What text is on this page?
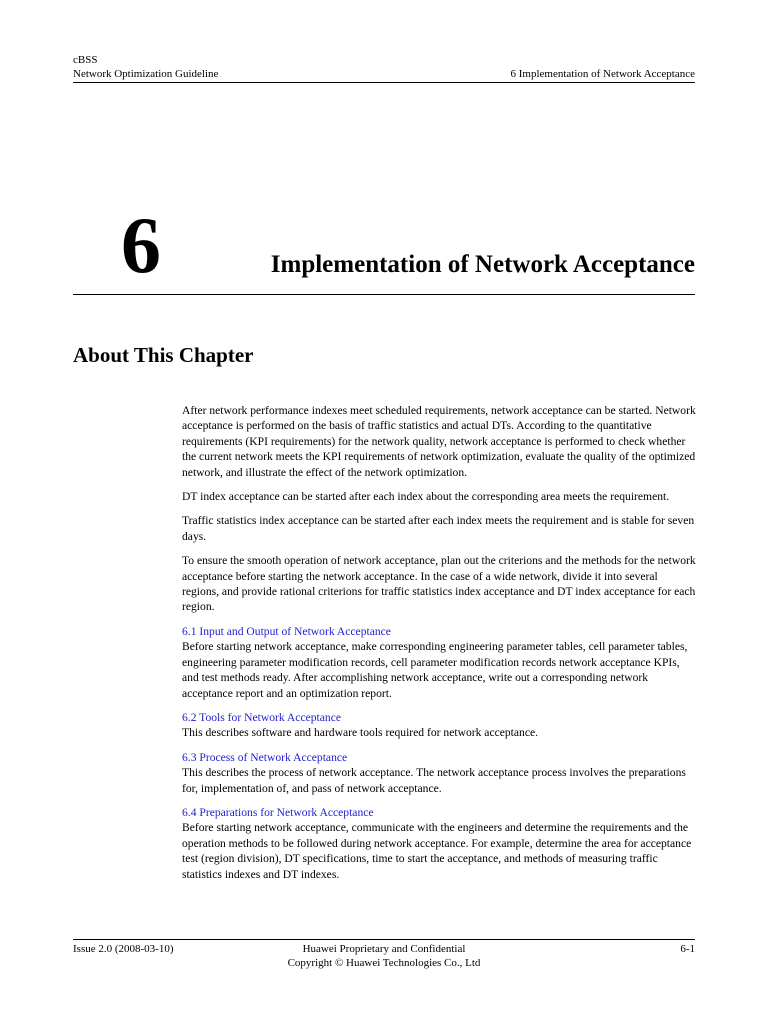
cBSS
Network Optimization Guideline	6 Implementation of Network Acceptance
6	Implementation of Network Acceptance
About This Chapter

After network performance indexes meet scheduled requirements, network acceptance can be started. Network acceptance is performed on the basis of traffic statistics and actual DTs. According to the quantitative requirements (KPI requirements) for the network quality, network acceptance is performed to check whether the current network meets the KPI requirements of network optimization, evaluate the quality of the optimized network, and illustrate the effect of the network optimization.

DT index acceptance can be started after each index about the corresponding area meets the requirement.

Traffic statistics index acceptance can be started after each index meets the requirement and is stable for seven days.

To ensure the smooth operation of network acceptance, plan out the criterions and the methods for the network acceptance before starting the network acceptance. In the case of a wide network, divide it into several regions, and provide rational criterions for traffic statistics index acceptance and DT index acceptance for each region.

6.1 Input and Output of Network Acceptance
Before starting network acceptance, make corresponding engineering parameter tables, cell parameter tables, engineering parameter modification records, cell parameter modification records network acceptance KPIs, and test methods ready. After accomplishing network acceptance, write out a corresponding network acceptance report and an optimization report.
6.2 Tools for Network Acceptance
This describes software and hardware tools required for network acceptance.
6.3 Process of Network Acceptance
This describes the process of network acceptance. The network acceptance process involves the preparations for, implementation of, and pass of network acceptance.
6.4 Preparations for Network Acceptance
Before starting network acceptance, communicate with the engineers and determine the requirements and the operation methods to be followed during network acceptance. For example, determine the area for acceptance test (region division), DT specifications, time to start the acceptance, and methods of measuring traffic statistics indexes and DT indexes.
Issue 2.0 (2008-03-10)	Huawei Proprietary and Confidential
Copyright © Huawei Technologies Co., Ltd
6-1
